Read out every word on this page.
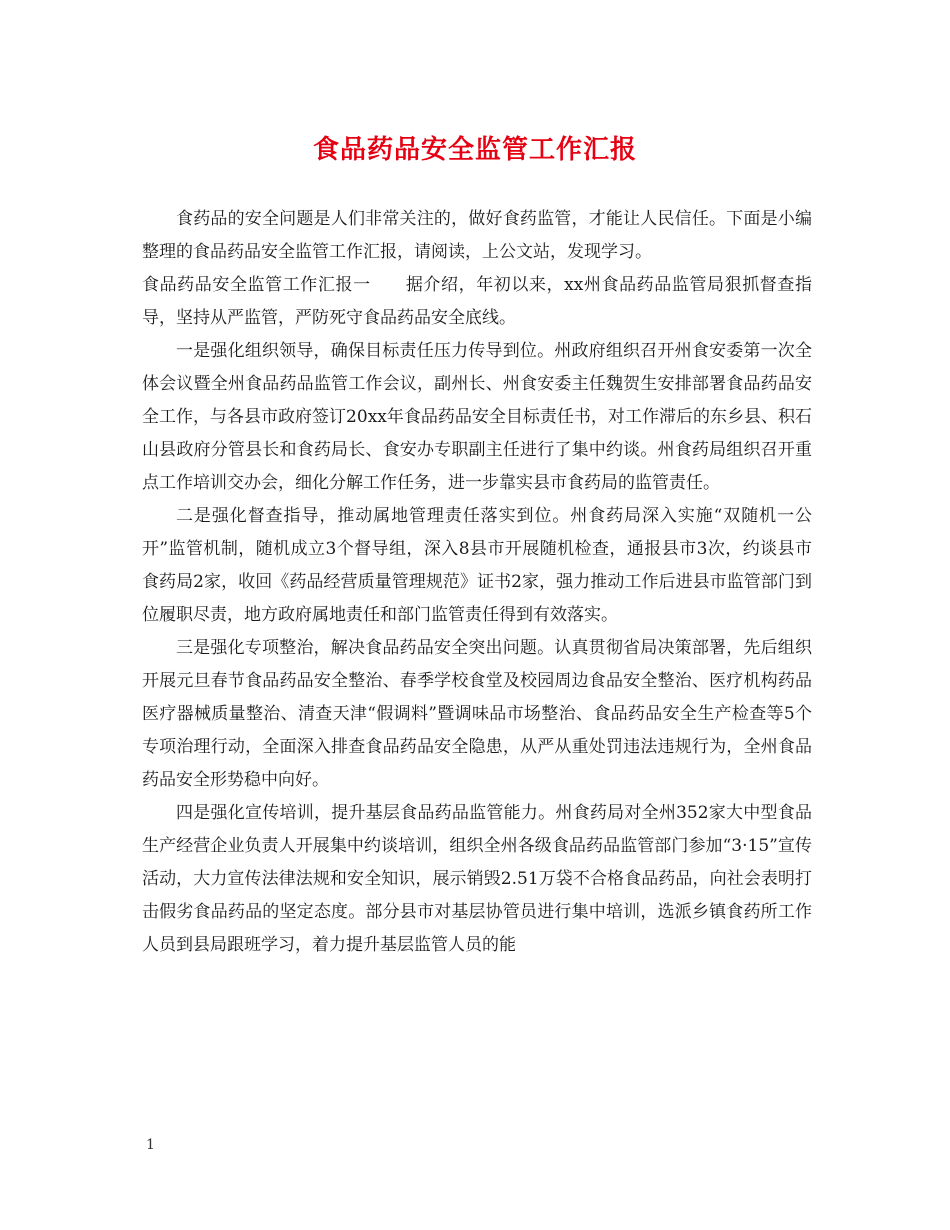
食品药品安全监管工作汇报

食药品的安全问题是人们非常关注的，做好食药监管，才能让人民信任。下面是小编整理的食品药品安全监管工作汇报，请阅读，上公文站，发现学习。

食品药品安全监管工作汇报一　　据介绍，年初以来，xx州食品药品监管局狠抓督查指导，坚持从严监管，严防死守食品药品安全底线。

一是强化组织领导，确保目标责任压力传导到位。州政府组织召开州食安委第一次全体会议暨全州食品药品监管工作会议，副州长、州食安委主任魏贺生安排部署食品药品安全工作，与各县市政府签订20xx年食品药品安全目标责任书，对工作滞后的东乡县、积石山县政府分管县长和食药局长、食安办专职副主任进行了集中约谈。州食药局组织召开重点工作培训交办会，细化分解工作任务，进一步靠实县市食药局的监管责任。

二是强化督查指导，推动属地管理责任落实到位。州食药局深入实施“双随机一公开”监管机制，随机成立3个督导组，深入8县市开展随机检查，通报县市3次，约谈县市食药局2家，收回《药品经营质量管理规范》证书2家，强力推动工作后进县市监管部门到位履职尽责，地方政府属地责任和部门监管责任得到有效落实。

三是强化专项整治，解决食品药品安全突出问题。认真贯彻省局决策部署，先后组织开展元旦春节食品药品安全整治、春季学校食堂及校园周边食品安全整治、医疗机构药品医疗器械质量整治、清查天津“假调料”暨调味品市场整治、食品药品安全生产检查等5个专项治理行动，全面深入排查食品药品安全隐患，从严从重处罚违法违规行为，全州食品药品安全形势稳中向好。

四是强化宣传培训，提升基层食品药品监管能力。州食药局对全州352家大中型食品生产经营企业负责人开展集中约谈培训，组织全州各级食品药品监管部门参加“3·15”宣传活动，大力宣传法律法规和安全知识，展示销毁2.51万袋不合格食品药品，向社会表明打击假劣食品药品的坚定态度。部分县市对基层协管员进行集中培训，选派乡镇食药所工作人员到县局跟班学习，着力提升基层监管人员的能

1
